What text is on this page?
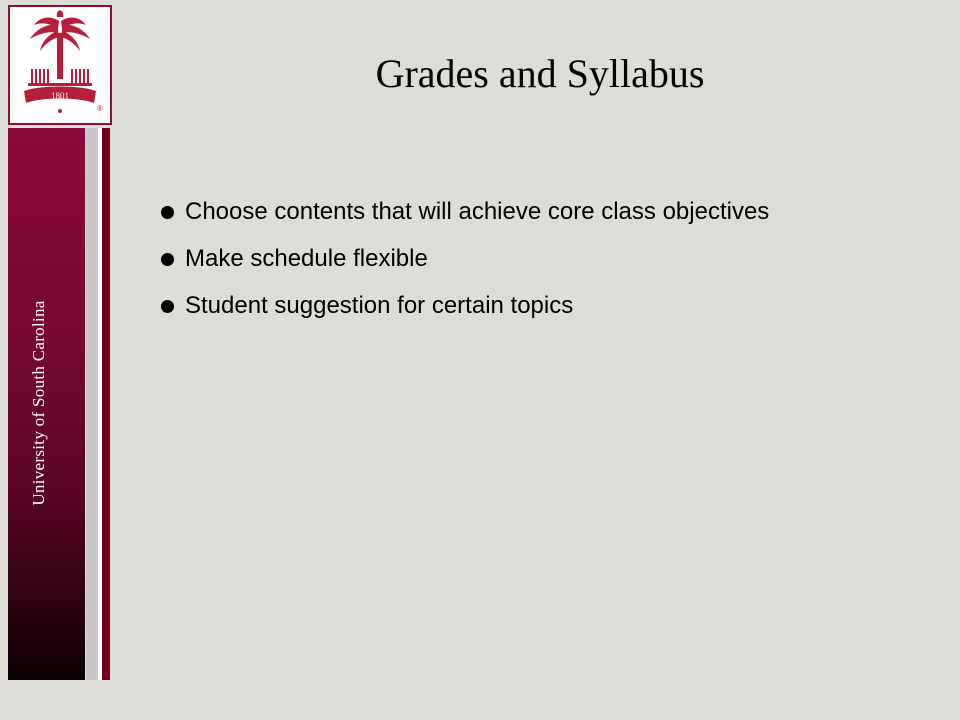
1801
®
University of South Carolina
Grades and Syllabus
Choose contents that will achieve core class objectives
Make schedule flexible
Student suggestion for certain topics
